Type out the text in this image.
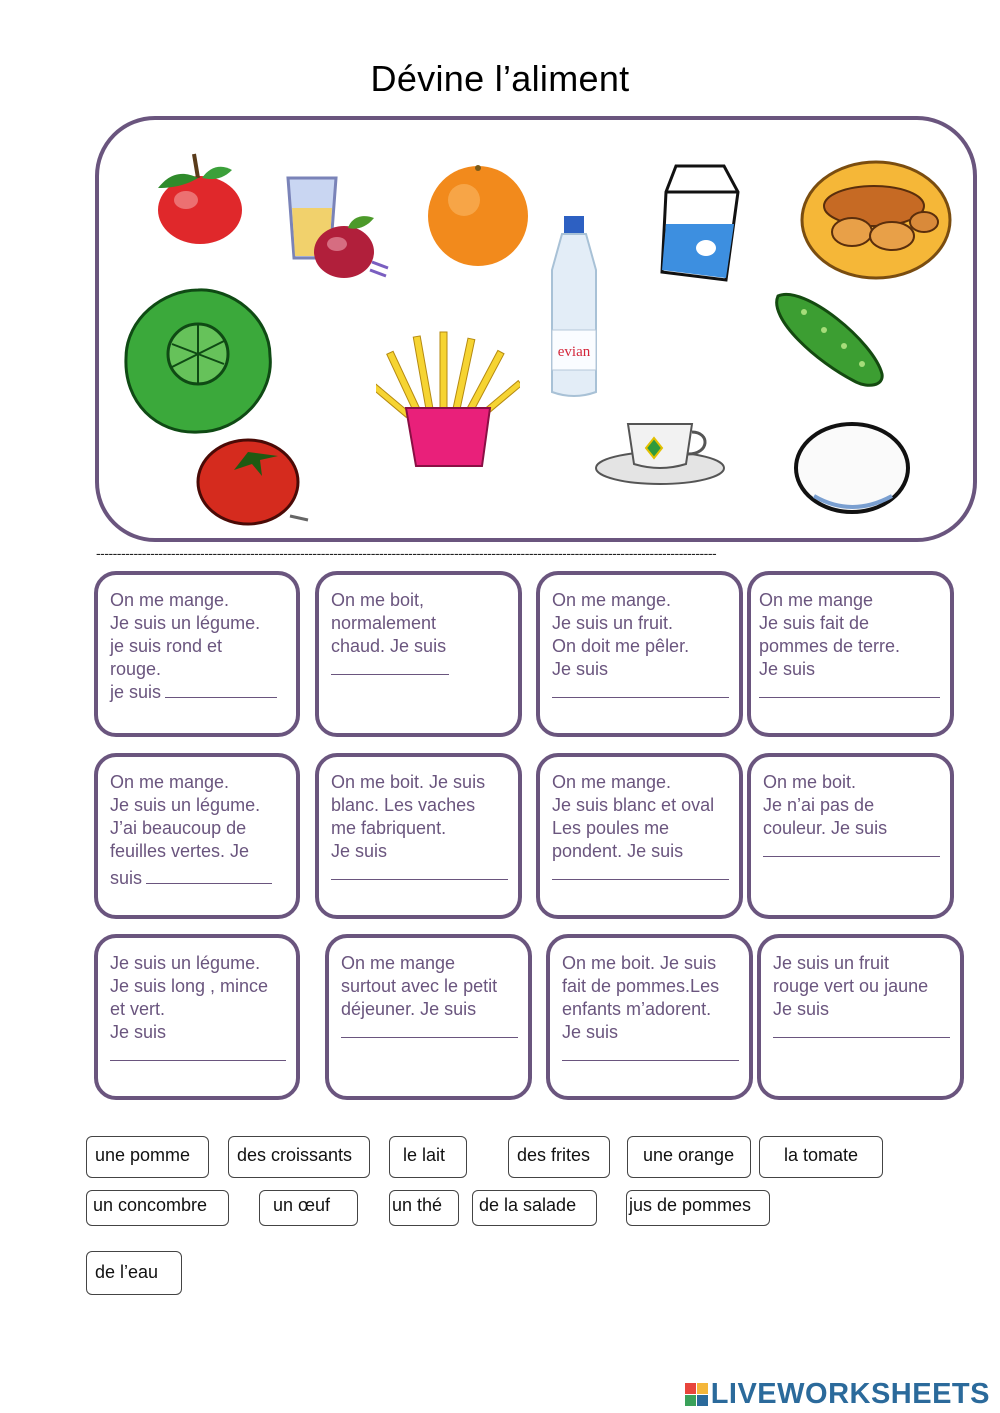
Dévine l’aliment
evian
-----------------------------------------------------------------------------------------------------------------------------------------------------
On me mange.
Je suis un légume.
je suis rond et
rouge.
je suis
On me boit,
normalement
chaud. Je suis
On me mange.
Je suis un fruit.
On doit me pêler.
Je suis
On me mange
Je suis fait de
pommes de terre.
Je suis
On me mange.
Je suis un légume.
J’ai beaucoup de
feuilles vertes. Je
suis
On me boit. Je suis
blanc. Les vaches
me fabriquent.
Je suis
On me mange.
Je suis blanc et oval
Les poules me
pondent. Je suis
On me boit.
Je n’ai pas de
couleur. Je suis
Je suis un légume.
Je suis long , mince
et vert.
Je suis
On me mange
surtout avec le petit
déjeuner. Je suis
On me boit. Je suis
fait de pommes.Les
enfants m’adorent.
Je suis
Je suis un fruit
rouge vert ou jaune
Je suis
une pomme	des croissants	le lait	des frites	une orange	la tomate
un concombre	un œuf	un thé	de la salade	jus de pommes
de l’eau
LIVEWORKSHEETS
